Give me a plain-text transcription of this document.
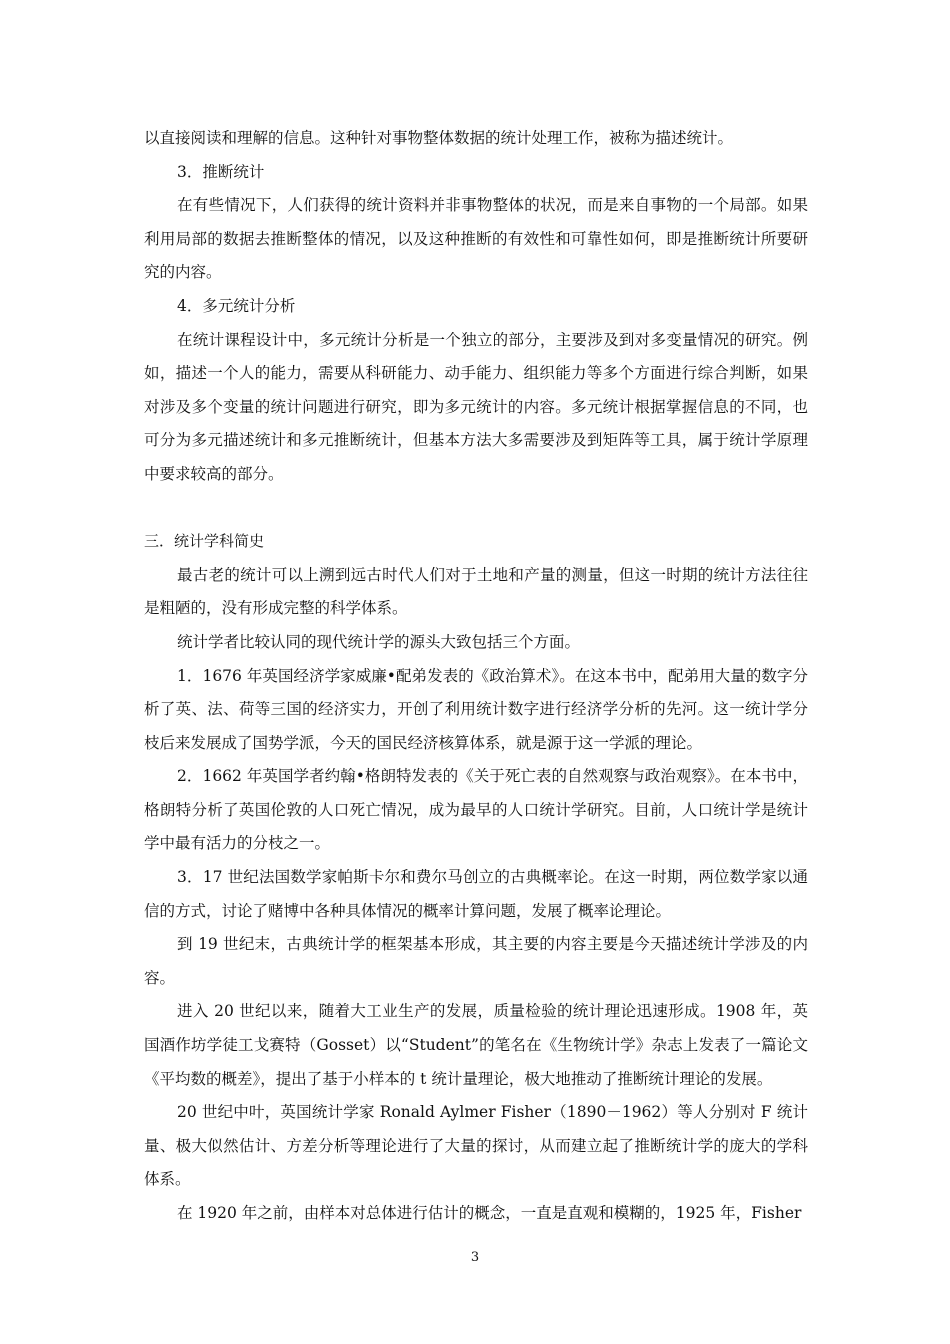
以直接阅读和理解的信息。这种针对事物整体数据的统计处理工作，被称为描述统计。

3．推断统计

在有些情况下，人们获得的统计资料并非事物整体的状况，而是来自事物的一个局部。如果利用局部的数据去推断整体的情况，以及这种推断的有效性和可靠性如何，即是推断统计所要研究的内容。

4．多元统计分析

在统计课程设计中，多元统计分析是一个独立的部分，主要涉及到对多变量情况的研究。例如，描述一个人的能力，需要从科研能力、动手能力、组织能力等多个方面进行综合判断，如果对涉及多个变量的统计问题进行研究，即为多元统计的内容。多元统计根据掌握信息的不同，也可分为多元描述统计和多元推断统计，但基本方法大多需要涉及到矩阵等工具，属于统计学原理中要求较高的部分。

三．统计学科简史

最古老的统计可以上溯到远古时代人们对于土地和产量的测量，但这一时期的统计方法往往是粗陋的，没有形成完整的科学体系。

统计学者比较认同的现代统计学的源头大致包括三个方面。

1．1676 年英国经济学家威廉•配弟发表的《政治算术》。在这本书中，配弟用大量的数字分析了英、法、荷等三国的经济实力，开创了利用统计数字进行经济学分析的先河。这一统计学分枝后来发展成了国势学派，今天的国民经济核算体系，就是源于这一学派的理论。

2．1662 年英国学者约翰•格朗特发表的《关于死亡表的自然观察与政治观察》。在本书中，格朗特分析了英国伦敦的人口死亡情况，成为最早的人口统计学研究。目前，人口统计学是统计学中最有活力的分枝之一。

3．17 世纪法国数学家帕斯卡尔和费尔马创立的古典概率论。在这一时期，两位数学家以通信的方式，讨论了赌博中各种具体情况的概率计算问题，发展了概率论理论。

到 19 世纪末，古典统计学的框架基本形成，其主要的内容主要是今天描述统计学涉及的内容。

进入 20 世纪以来，随着大工业生产的发展，质量检验的统计理论迅速形成。1908 年，英国酒作坊学徒工戈赛特（Gosset）以“Student”的笔名在《生物统计学》杂志上发表了一篇论文《平均数的概差》，提出了基于小样本的 t 统计量理论，极大地推动了推断统计理论的发展。

20 世纪中叶，英国统计学家 Ronald Aylmer Fisher（1890－1962）等人分别对 F 统计量、极大似然估计、方差分析等理论进行了大量的探讨，从而建立起了推断统计学的庞大的学科体系。

在 1920 年之前，由样本对总体进行估计的概念，一直是直观和模糊的，1925 年，Fisher

3
